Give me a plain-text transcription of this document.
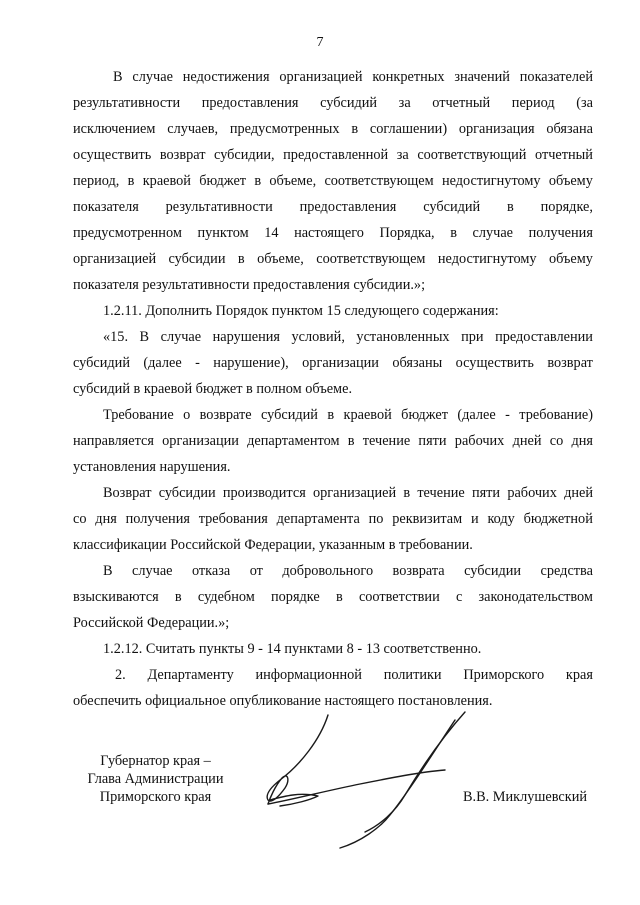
7
В случае недостижения организацией конкретных значений показателей
результативности предоставления субсидий за отчетный период (за
исключением случаев, предусмотренных в соглашении) организация обязана
осуществить возврат субсидии, предоставленной за соответствующий отчетный
период, в краевой бюджет в объеме, соответствующем недостигнутому объему
показателя результативности предоставления субсидий в порядке,
предусмотренном пунктом 14 настоящего Порядка, в случае получения
организацией субсидии в объеме, соответствующем недостигнутому объему
показателя результативности предоставления субсидии.»;
1.2.11. Дополнить Порядок пунктом 15 следующего содержания:
«15. В случае нарушения условий, установленных при предоставлении
субсидий (далее - нарушение), организации обязаны осуществить возврат
субсидий в краевой бюджет в полном объеме.
Требование о возврате субсидий в краевой бюджет (далее - требование)
направляется организации департаментом в течение пяти рабочих дней со дня
установления нарушения.
Возврат субсидии производится организацией в течение пяти рабочих дней
со дня получения требования департамента по реквизитам и коду бюджетной
классификации Российской Федерации, указанным в требовании.
В случае отказа от добровольного возврата субсидии средства
взыскиваются в судебном порядке в соответствии с законодательством
Российской Федерации.»;
1.2.12. Считать пункты 9 - 14 пунктами 8 - 13 соответственно.
2. Департаменту информационной политики Приморского края
обеспечить официальное опубликование настоящего постановления.
Губернатор края –
Глава Администрации
Приморского края	В.В. Миклушевский
